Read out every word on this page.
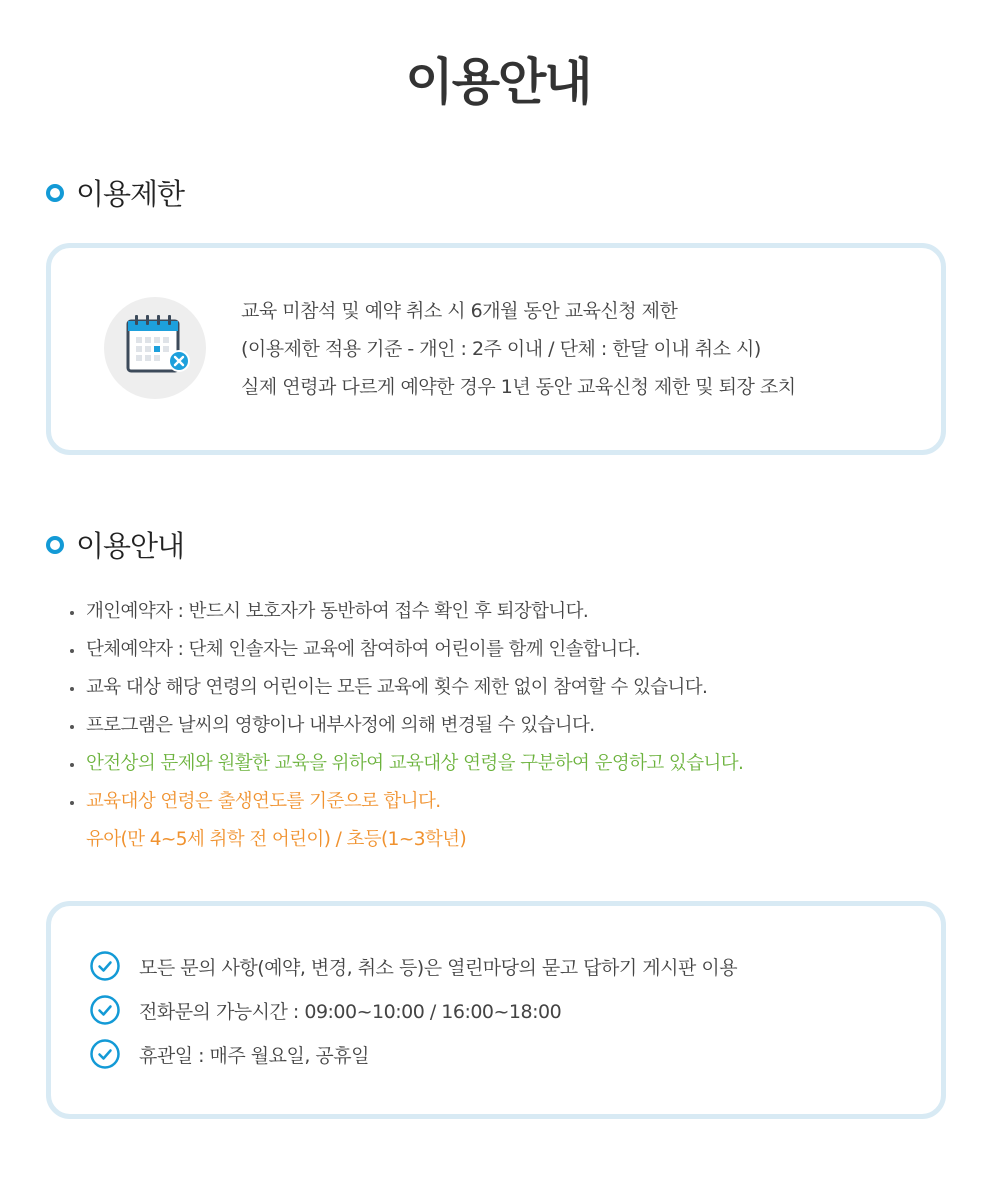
이용안내
이용제한
교육 미참석 및 예약 취소 시 6개월 동안 교육신청 제한
(이용제한 적용 기준 - 개인 : 2주 이내 / 단체 : 한달 이내 취소 시)
실제 연령과 다르게 예약한 경우 1년 동안 교육신청 제한 및 퇴장 조치
이용안내
개인예약자 : 반드시 보호자가 동반하여 접수 확인 후 퇴장합니다.
단체예약자 : 단체 인솔자는 교육에 참여하여 어린이를 함께 인솔합니다.
교육 대상 해당 연령의 어린이는 모든 교육에 횟수 제한 없이 참여할 수 있습니다.
프로그램은 날씨의 영향이나 내부사정에 의해 변경될 수 있습니다.
안전상의 문제와 원활한 교육을 위하여 교육대상 연령을 구분하여 운영하고 있습니다.
교육대상 연령은 출생연도를 기준으로 합니다.
유아(만 4~5세 취학 전 어린이) / 초등(1~3학년)
모든 문의 사항(예약, 변경, 취소 등)은 열린마당의 묻고 답하기 게시판 이용
전화문의 가능시간 : 09:00~10:00 / 16:00~18:00
휴관일 : 매주 월요일, 공휴일
